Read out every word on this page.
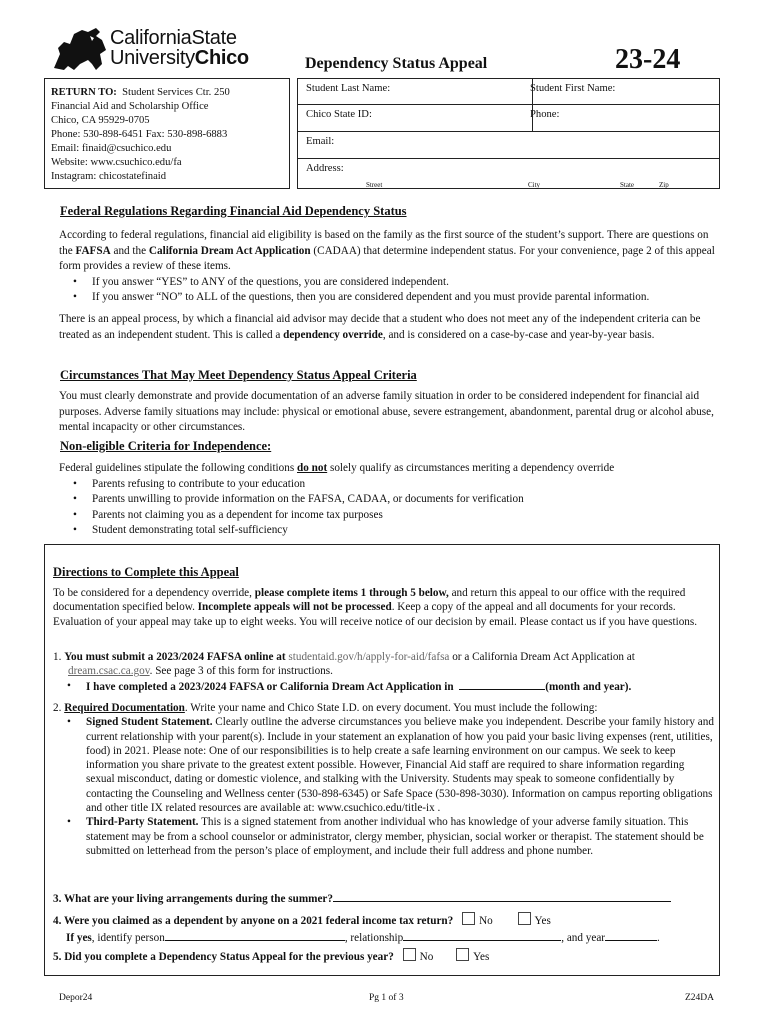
CaliforniaState
UniversityChico	Dependency Status Appeal	23-24
RETURN TO: Student Services Ctr. 250
Financial Aid and Scholarship Office
Chico, CA 95929-0705
Phone: 530-898-6451 Fax: 530-898-6883
Email: finaid@csuchico.edu
Website: www.csuchico.edu/fa
Instagram: chicostatefinaid
Student Last Name:	Student First Name:
Chico State ID:	Phone:
Email:
Address:
Street	City	State	Zip
Federal Regulations Regarding Financial Aid Dependency Status
According to federal regulations, financial aid eligibility is based on the family as the first source of the student’s support. There are questions on the FAFSA and the California Dream Act Application (CADAA) that determine independent status. For your convenience, page 2 of this appeal form provides a review of these items.
• If you answer “YES” to ANY of the questions, you are considered independent.
• If you answer “NO” to ALL of the questions, then you are considered dependent and you must provide parental information.
There is an appeal process, by which a financial aid advisor may decide that a student who does not meet any of the independent criteria can be treated as an independent student. This is called a dependency override, and is considered on a case-by-case and year-by-year basis.
Circumstances That May Meet Dependency Status Appeal Criteria
You must clearly demonstrate and provide documentation of an adverse family situation in order to be considered independent for financial aid purposes. Adverse family situations may include: physical or emotional abuse, severe estrangement, abandonment, parental drug or alcohol abuse, mental incapacity or other circumstances.
Non-eligible Criteria for Independence:
Federal guidelines stipulate the following conditions do not solely qualify as circumstances meriting a dependency override
• Parents refusing to contribute to your education
• Parents unwilling to provide information on the FAFSA, CADAA, or documents for verification
• Parents not claiming you as a dependent for income tax purposes
• Student demonstrating total self-sufficiency
Directions to Complete this Appeal
To be considered for a dependency override, please complete items 1 through 5 below, and return this appeal to our office with the required documentation specified below. Incomplete appeals will not be processed. Keep a copy of the appeal and all documents for your records. Evaluation of your appeal may take up to eight weeks. You will receive notice of our decision by email. Please contact us if you have questions.
1. You must submit a 2023/2024 FAFSA online at studentaid.gov/h/apply-for-aid/fafsa or a California Dream Act Application at
dream.csac.ca.gov. See page 3 of this form for instructions.
• I have completed a 2023/2024 FAFSA or California Dream Act Application in	(month and year).
2. Required Documentation. Write your name and Chico State I.D. on every document. You must include the following:
• Signed Student Statement. Clearly outline the adverse circumstances you believe make you independent. Describe your family history and current relationship with your parent(s). Include in your statement an explanation of how you paid your basic living expenses (rent, utilities, food) in 2021. Please note: One of our responsibilities is to help create a safe learning environment on our campus. We seek to keep information you share private to the greatest extent possible. However, Financial Aid staff are required to share information regarding sexual misconduct, dating or domestic violence, and stalking with the University. Students may speak to someone confidentially by contacting the Counseling and Wellness center (530-898-6345) or Safe Space (530-898-3030). Information on campus reporting obligations and other title IX related resources are available at: www.csuchico.edu/title-ix .
• Third-Party Statement. This is a signed statement from another individual who has knowledge of your adverse family situation. This statement may be from a school counselor or administrator, clergy member, physician, social worker or therapist. The statement should be submitted on letterhead from the person’s place of employment, and include their full address and phone number.
3. What are your living arrangements during the summer?
4. Were you claimed as a dependent by anyone on a 2021 federal income tax return? No	Yes
If yes, identify person	, relationship	, and year	.
5. Did you complete a Dependency Status Appeal for the previous year? No	Yes
Depor24	Pg 1 of 3	Z24DA
